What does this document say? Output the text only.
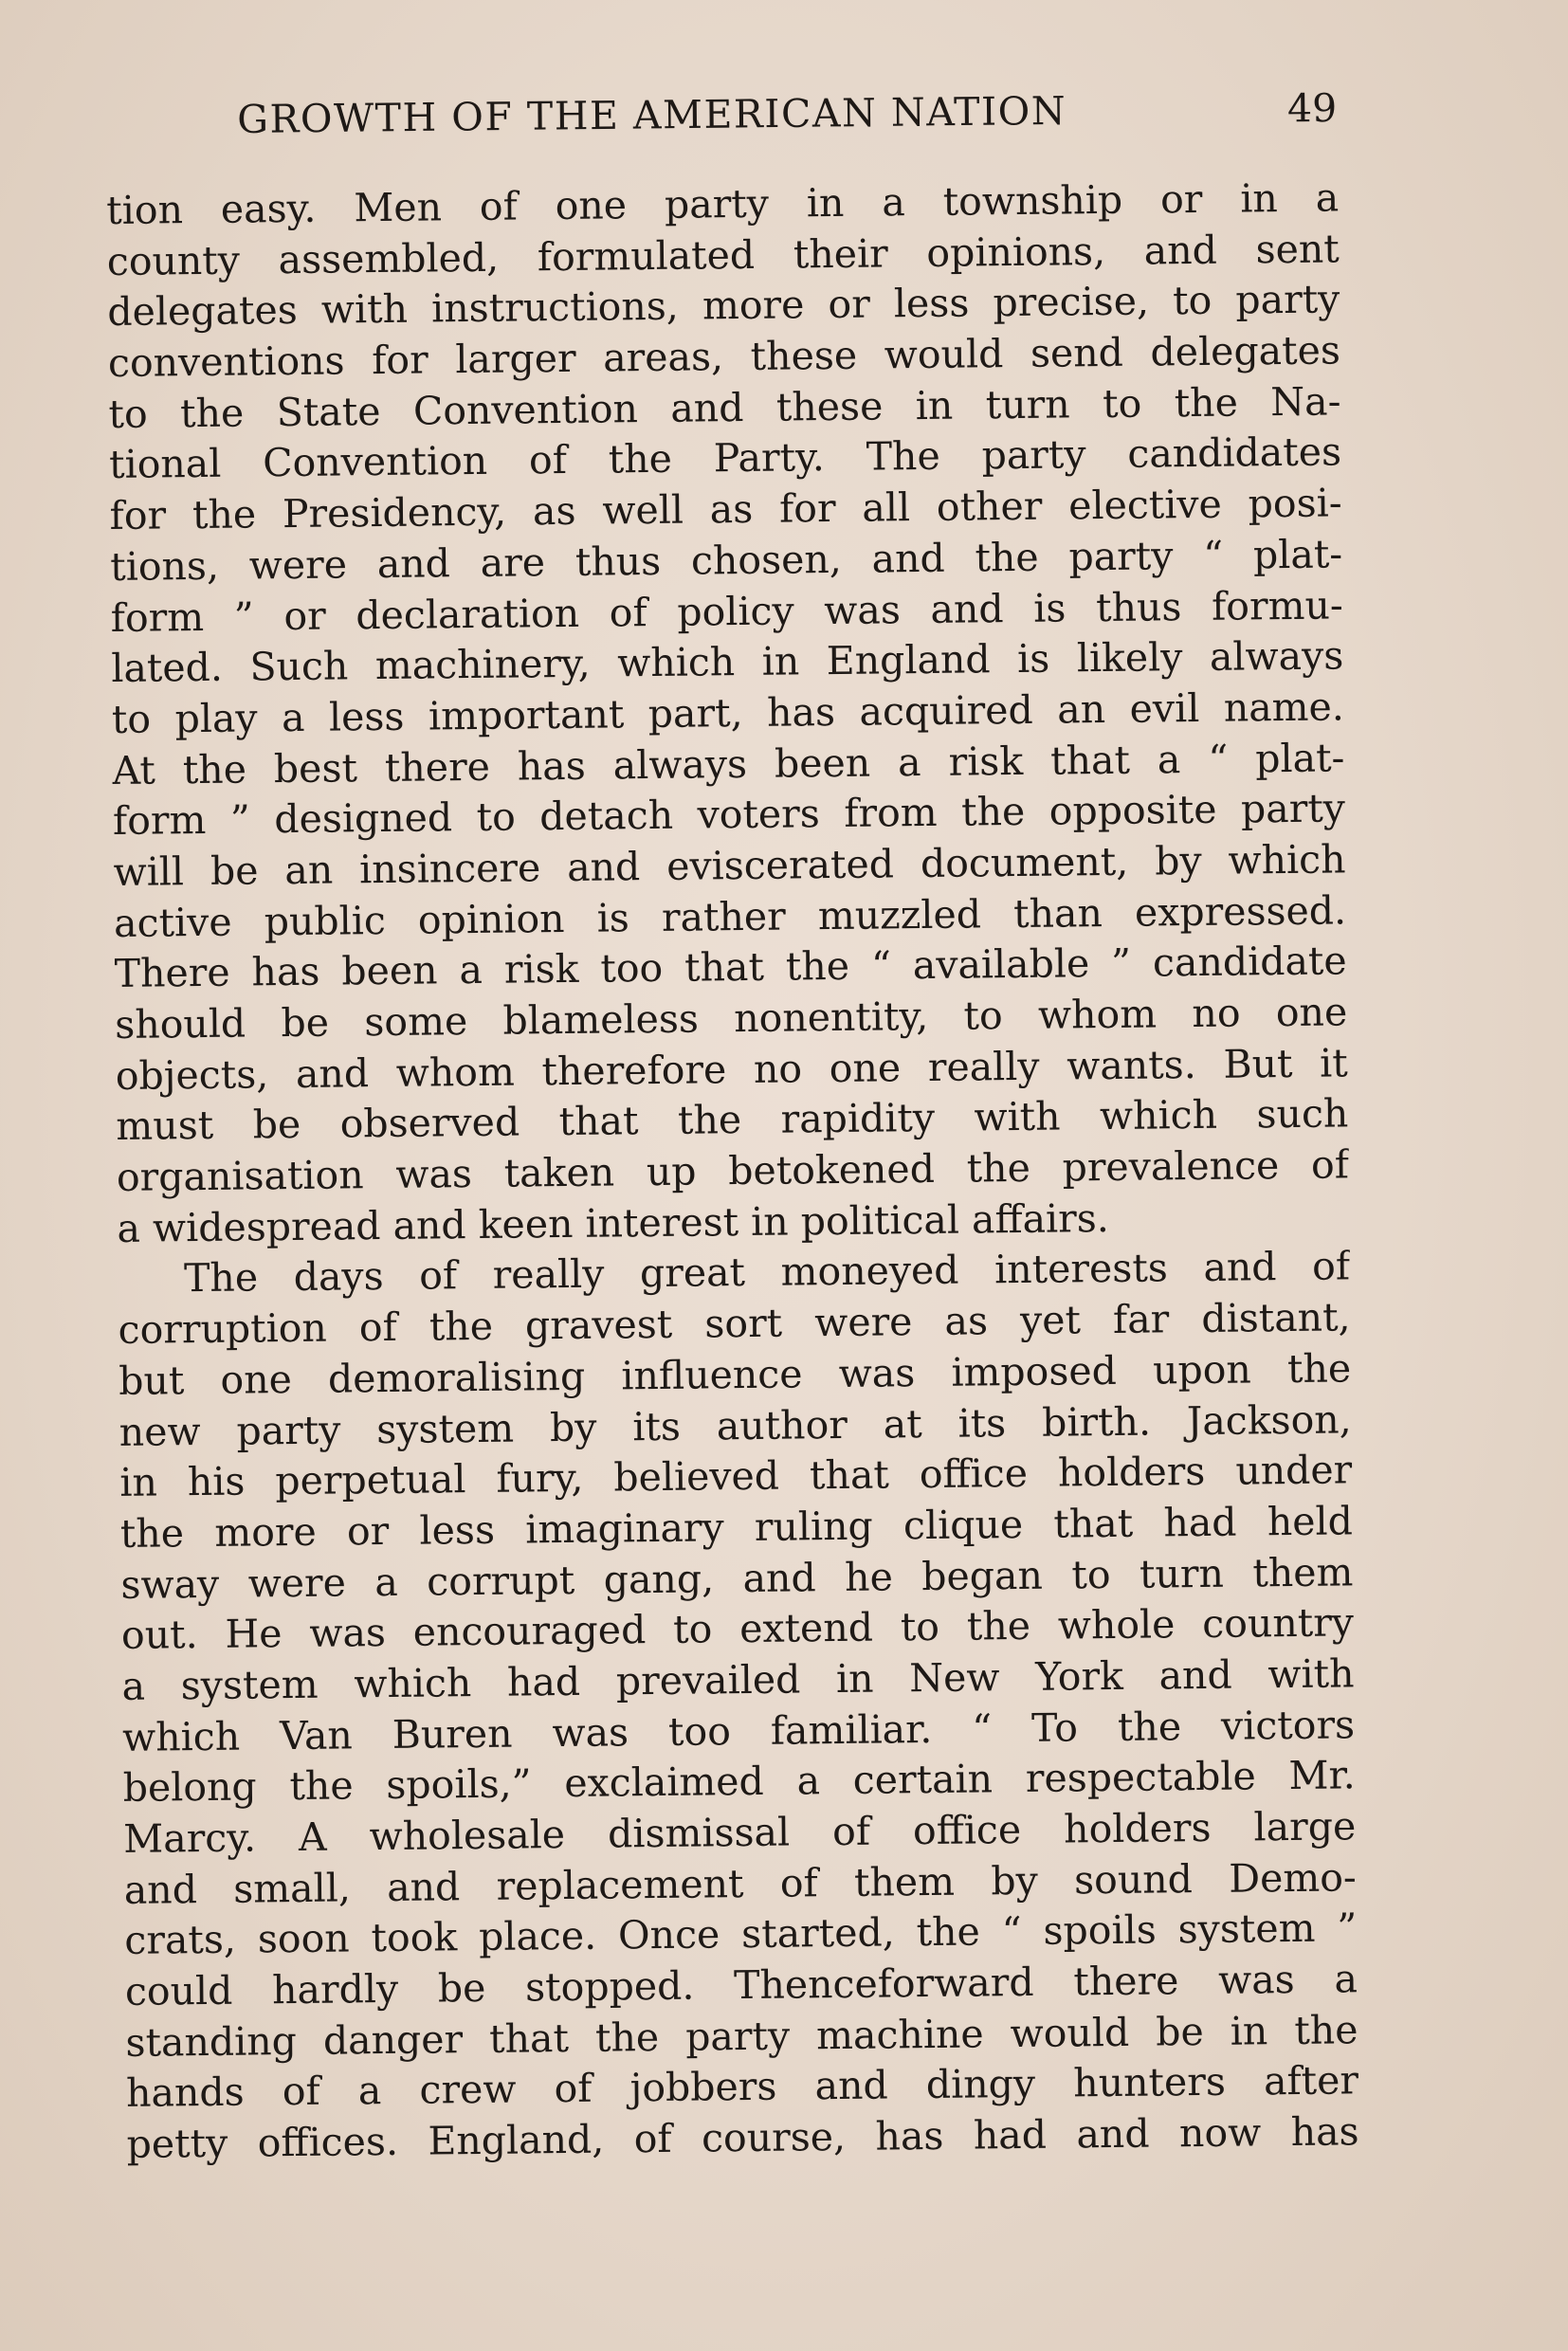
GROWTH OF THE AMERICAN NATION	49
tion easy. Men of one party in a township or in a
county assembled, formulated their opinions, and sent
delegates with instructions, more or less precise, to party
conventions for larger areas, these would send delegates
to the State Convention and these in turn to the Na-
tional Convention of the Party. The party candidates
for the Presidency, as well as for all other elective posi-
tions, were and are thus chosen, and the party “ plat-
form ” or declaration of policy was and is thus formu-
lated. Such machinery, which in England is likely always
to play a less important part, has acquired an evil name.
At the best there has always been a risk that a “ plat-
form ” designed to detach voters from the opposite party
will be an insincere and eviscerated document, by which
active public opinion is rather muzzled than expressed.
There has been a risk too that the “ available ” candidate
should be some blameless nonentity, to whom no one
objects, and whom therefore no one really wants. But it
must be observed that the rapidity with which such
organisation was taken up betokened the prevalence of
a widespread and keen interest in political affairs.
The days of really great moneyed interests and of
corruption of the gravest sort were as yet far distant,
but one demoralising influence was imposed upon the
new party system by its author at its birth. Jackson,
in his perpetual fury, believed that office holders under
the more or less imaginary ruling clique that had held
sway were a corrupt gang, and he began to turn them
out. He was encouraged to extend to the whole country
a system which had prevailed in New York and with
which Van Buren was too familiar. “ To the victors
belong the spoils,” exclaimed a certain respectable Mr.
Marcy. A wholesale dismissal of office holders large
and small, and replacement of them by sound Demo-
crats, soon took place. Once started, the “ spoils system ”
could hardly be stopped. Thenceforward there was a
standing danger that the party machine would be in the
hands of a crew of jobbers and dingy hunters after
petty offices. England, of course, has had and now has
